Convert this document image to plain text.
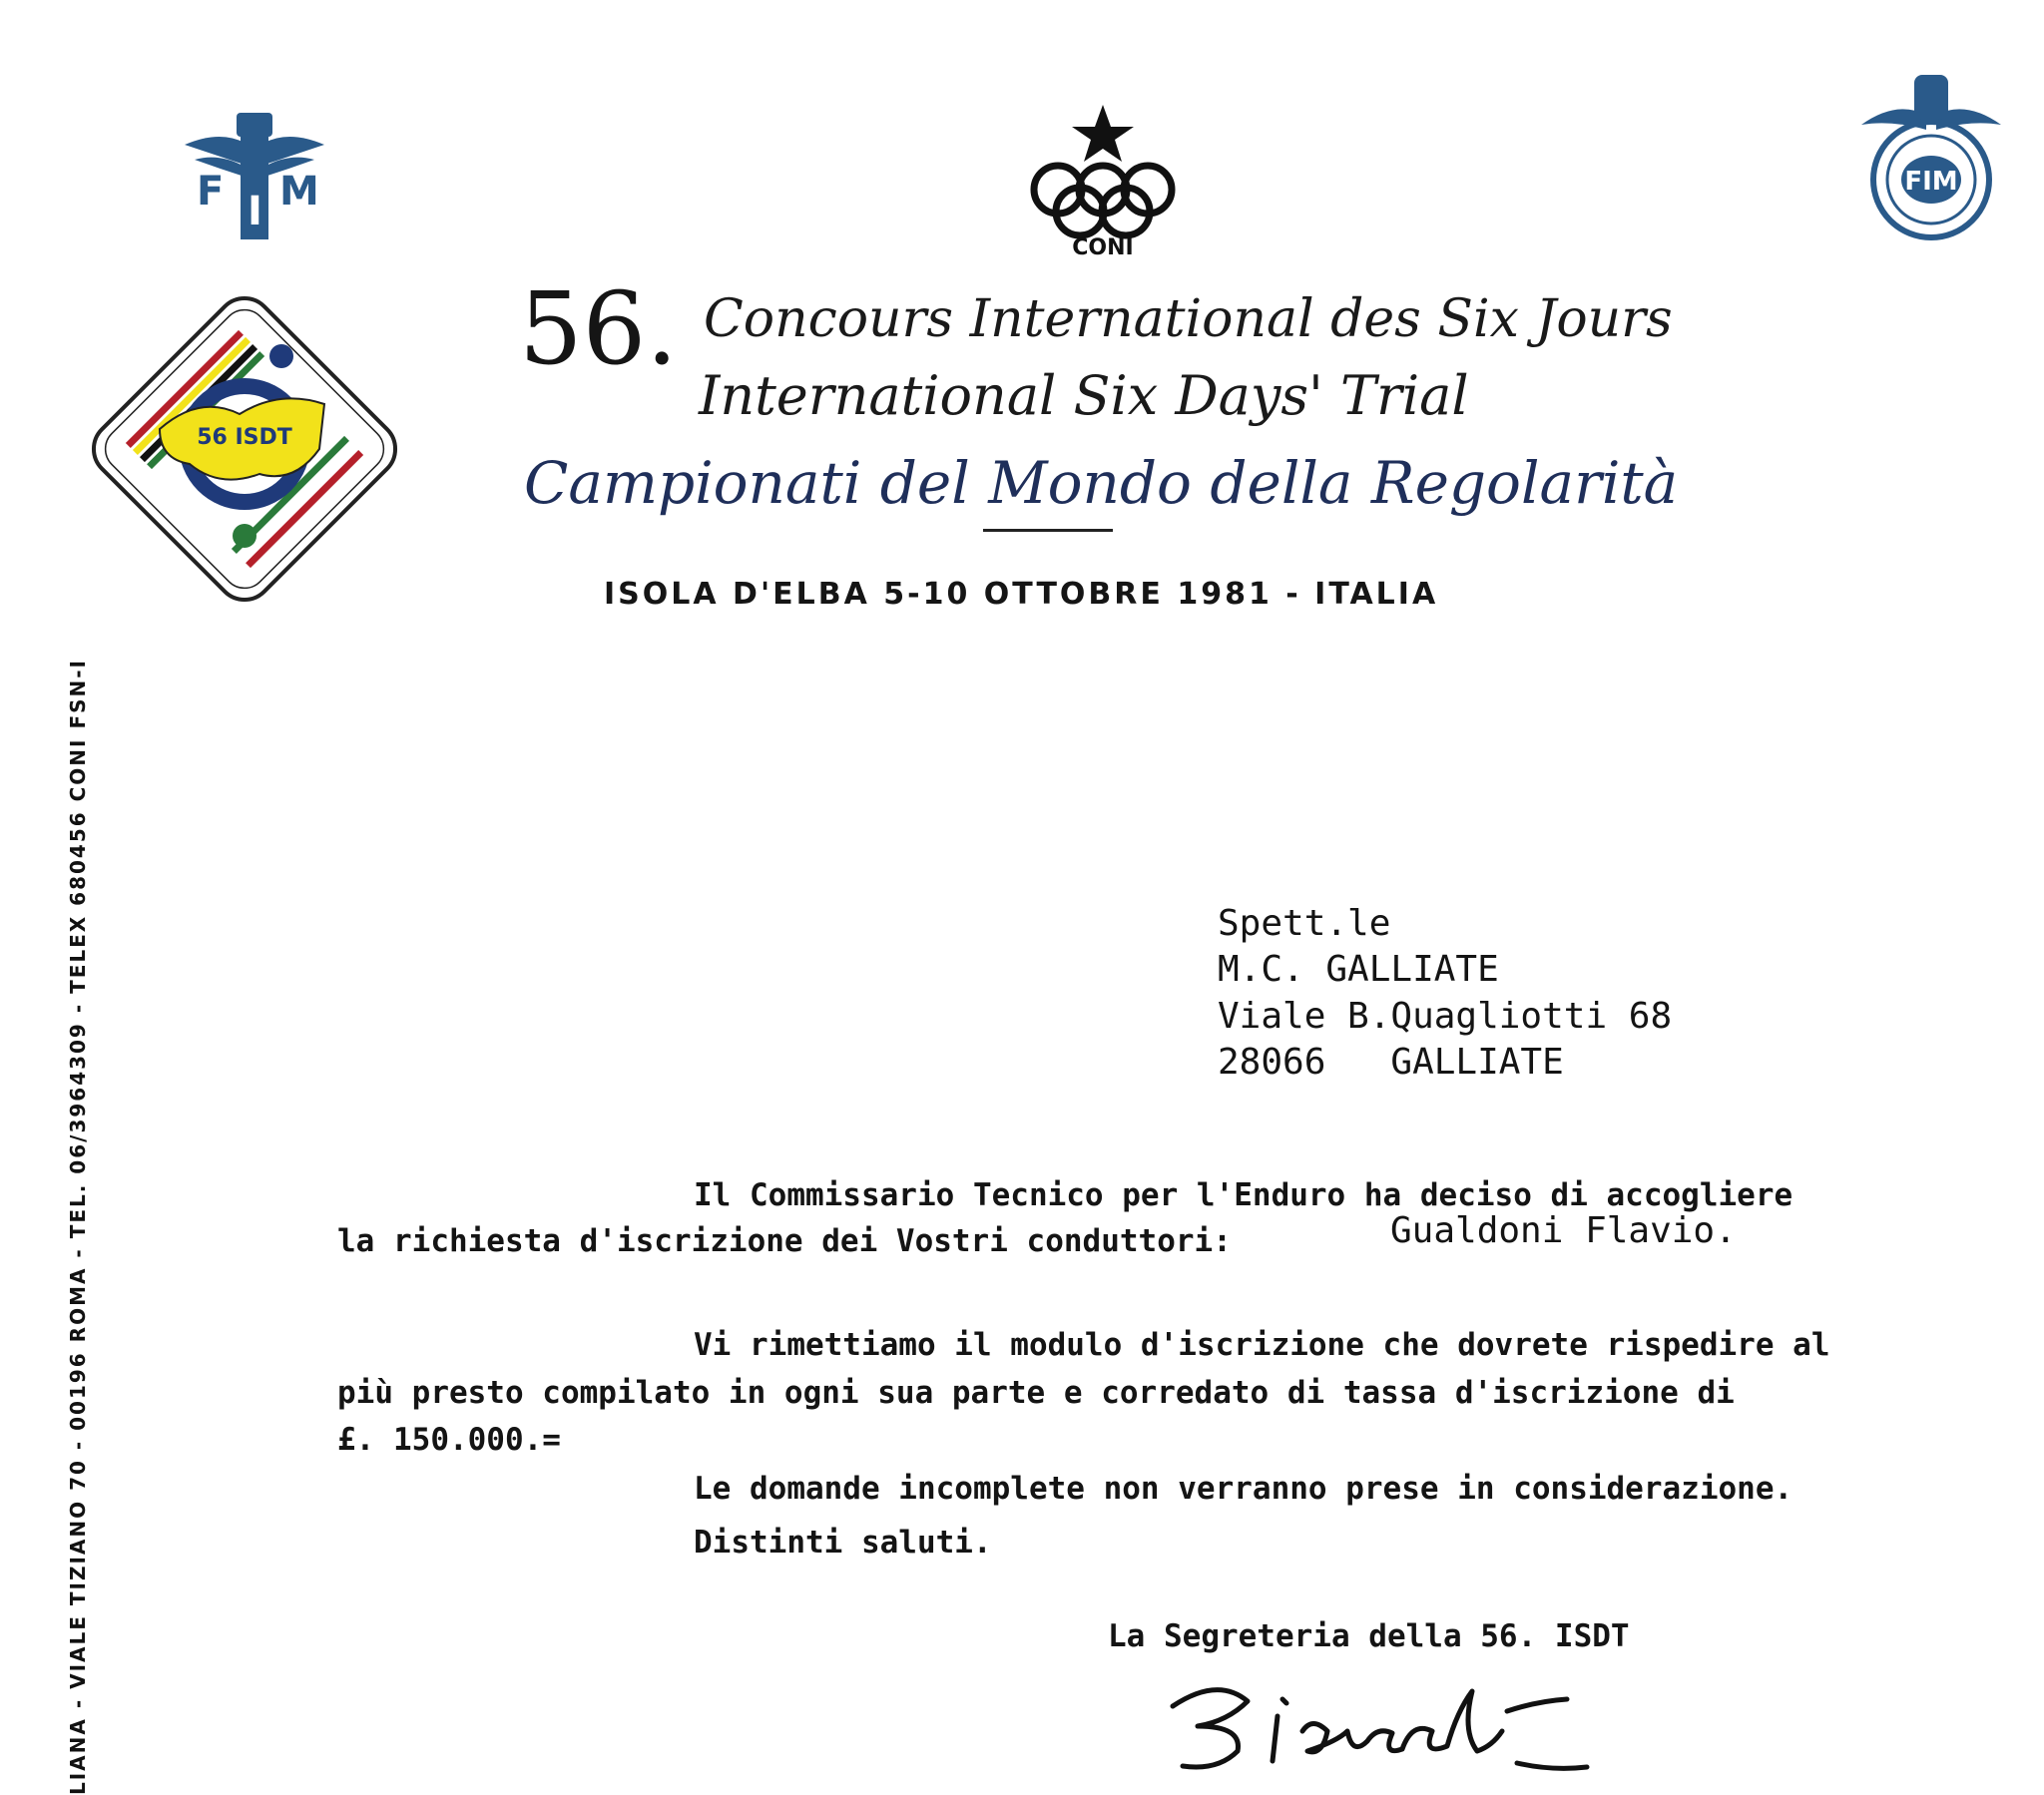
F I M
CONI
FIM
56 ISDT
56. Concours International des Six Jours
International Six Days' Trial
Campionati del Mondo della Regolarità
ISOLA D'ELBA 5-10 OTTOBRE 1981 - ITALIA
LIANA - VIALE TIZIANO 70 - 00196 ROMA - TEL. 06/3964309 - TELEX 680456 CONI FSN-I	Spett.le
M.C. GALLIATE
Viale B.Quagliotti 68
28066   GALLIATE
Il Commissario Tecnico per l'Enduro ha deciso di accogliere
la richiesta d'iscrizione dei Vostri conduttori:	Gualdoni Flavio.
Vi rimettiamo il modulo d'iscrizione che dovrete rispedire al
più presto compilato in ogni sua parte e corredato di tassa d'iscrizione di
£. 150.000.=
Le domande incomplete non verranno prese in considerazione.
Distinti saluti.
La Segreteria della 56. ISDT
